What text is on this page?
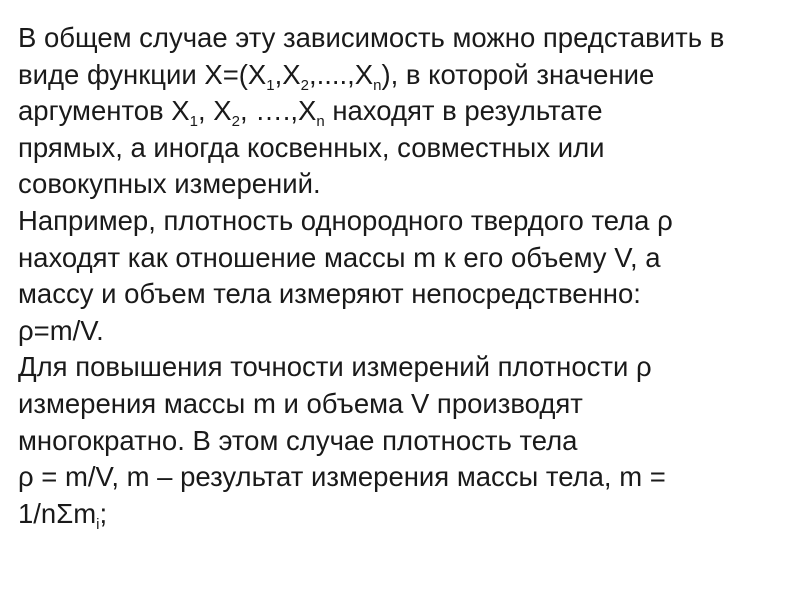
В общем случае эту зависимость можно представить в
виде функции $X=(X_1,X_2,....,X_n)$, в которой значение
аргументов $X_1$, $X_2$, $\dots.,X_n$ находят в результате
прямых, а иногда косвенных, совместных или
совокупных измерений.
Например, плотность однородного твердого тела ρ
находят как отношение массы m к его объему V, а
массу и объем тела измеряют непосредственно:
ρ=m/V.
Для повышения точности измерений плотности ρ
измерения массы m и объема V производят
многократно. В этом случае плотность тела
ρ = m/V, m – результат измерения массы тела, m =
1/nΣm$_i$;
